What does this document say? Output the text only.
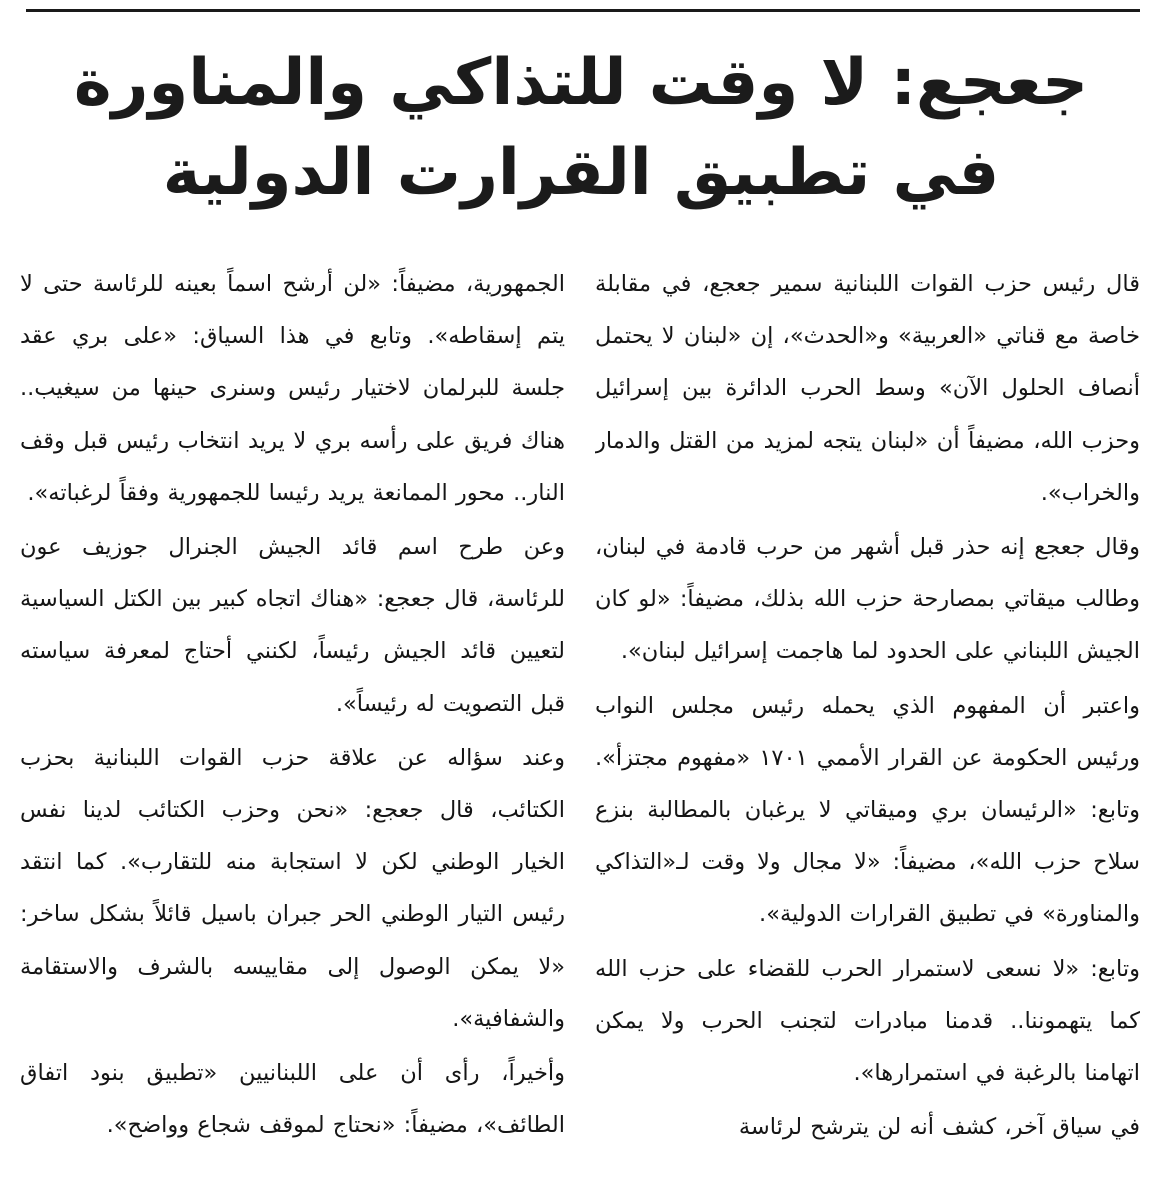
جعجع: لا وقت للتذاكي والمناورة
في تطبيق القرارت الدولية

قال رئيس حزب القوات اللبنانية سمير جعجع، في مقابلة خاصة مع قناتي «العربية» و«الحدث»، إن «لبنان لا يحتمل أنصاف الحلول الآن» وسط الحرب الدائرة بين إسرائيل وحزب الله، مضيفاً أن «لبنان يتجه لمزيد من القتل والدمار والخراب».

وقال جعجع إنه حذر قبل أشهر من حرب قادمة في لبنان، وطالب ميقاتي بمصارحة حزب الله بذلك، مضيفاً: «لو كان الجيش اللبناني على الحدود لما هاجمت إسرائيل لبنان».

واعتبر أن المفهوم الذي يحمله رئيس مجلس النواب ورئيس الحكومة عن القرار الأممي ١٧٠١ «مفهوم مجتزأ». وتابع: «الرئيسان بري وميقاتي لا يرغبان بالمطالبة بنزع سلاح حزب الله»، مضيفاً: «لا مجال ولا وقت لـ«التذاكي والمناورة» في تطبيق القرارات الدولية».

وتابع: «لا نسعى لاستمرار الحرب للقضاء على حزب الله كما يتهموننا.. قدمنا مبادرات لتجنب الحرب ولا يمكن اتهامنا بالرغبة في استمرارها».

في سياق آخر، كشف أنه لن يترشح لرئاسة

الجمهورية، مضيفاً: «لن أرشح اسماً بعينه للرئاسة حتى لا يتم إسقاطه». وتابع في هذا السياق: «على بري عقد جلسة للبرلمان لاختيار رئيس وسنرى حينها من سيغيب.. هناك فريق على رأسه بري لا يريد انتخاب رئيس قبل وقف النار.. محور الممانعة يريد رئيسا للجمهورية وفقاً لرغباته».

وعن طرح اسم قائد الجيش الجنرال جوزيف عون للرئاسة، قال جعجع: «هناك اتجاه كبير بين الكتل السياسية لتعيين قائد الجيش رئيساً، لكنني أحتاج لمعرفة سياسته قبل التصويت له رئيساً».

وعند سؤاله عن علاقة حزب القوات اللبنانية بحزب الكتائب، قال جعجع: «نحن وحزب الكتائب لدينا نفس الخيار الوطني لكن لا استجابة منه للتقارب». كما انتقد رئيس التيار الوطني الحر جبران باسيل قائلاً بشكل ساخر: «لا يمكن الوصول إلى مقاييسه بالشرف والاستقامة والشفافية».

وأخيراً، رأى أن على اللبنانيين «تطبيق بنود اتفاق الطائف»، مضيفاً: «نحتاج لموقف شجاع وواضح».
